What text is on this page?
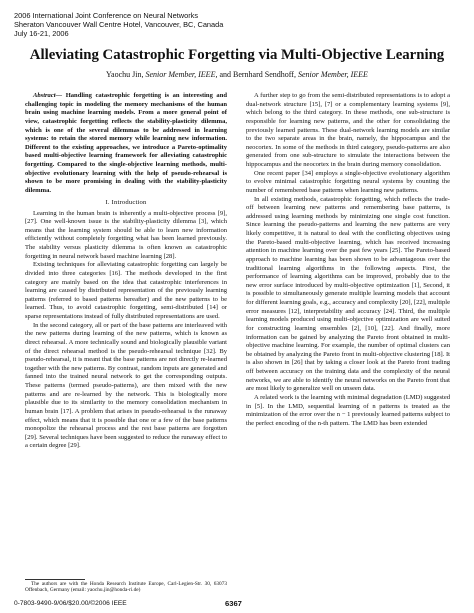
2006 International Joint Conference on Neural Networks
Sheraton Vancouver Wall Centre Hotel, Vancouver, BC, Canada
July 16-21, 2006
Alleviating Catastrophic Forgetting via Multi-Objective Learning
Yaochu Jin, Senior Member, IEEE, and Bernhard Sendhoff, Senior Member, IEEE

Abstract— Handling catastrophic forgetting is an interesting and challenging topic in modeling the memory mechanisms of the human brain using machine learning models. From a more general point of view, catastrophic forgetting reflects the stability-plasticity dilemma, which is one of the several dilemmas to be addressed in learning systems: to retain the stored memory while learning new information. Different to the existing approaches, we introduce a Pareto-optimality based multi-objective learning framework for alleviating catastrophic forgetting. Compared to the single-objective learning methods, multi-objective evolutionary learning with the help of pseudo-rehearsal is shown to be more promising in dealing with the stability-plasticity dilemma.

I. Introduction

Learning in the human brain is inherently a multi-objective process [9], [27]. One well-known issue is the stability-plasticity dilemma [3], which means that the learning system should be able to learn new information efficiently without completely forgetting what has been learned previously. The stability versus plasticity dilemma is often known as catastrophic forgetting in neural network based machine learning [28].

Existing techniques for alleviating catastrophic forgetting can largely be divided into three categories [16]. The methods developed in the first category are mainly based on the idea that catastrophic interferences in learning are caused by distributed representation of the previously learning patterns (referred to based patterns hereafter) and the new patterns to be learned. Thus, to avoid catastrophic forgetting, semi-distributed [14] or sparse representations instead of fully distributed representations are used.

In the second category, all or part of the base patterns are interleaved with the new patterns during learning of the new patterns, which is known as direct rehearsal. A more technically sound and biologically plausible variant of the direct rehearsal method is the pseudo-rehearsal technique [32]. By pseudo-rehearsal, it is meant that the base patterns are not directly re-learned together with the new patterns. By contrast, random inputs are generated and fanned into the trained neural network to get the corresponding outputs. These patterns (termed pseudo-patterns), are then mixed with the new patterns and are re-learned by the network. This is biologically more plausible due to its similarity to the memory consolidation mechanism in human brain [17]. A problem that arises in pseudo-rehearsal is the runaway effect, which means that it is possible that one or a few of the base patterns monopolize the rehearsal process and the rest base patterns are forgotten [29]. Several techniques have been suggested to reduce the runaway effect to a certain degree [29].

A further step to go from the semi-distributed representations is to adopt a dual-network structure [15], [7] or a complementary learning systems [9], which belong to the third category. In these methods, one sub-structure is responsible for learning new patterns, and the other for consolidating the previously learned patterns. These dual-network learning models are similar to the two separate areas in the brain, namely, the hippocampus and the neocortex. In some of the methods in third category, pseudo-patterns are also generated from one sub-structure to simulate the interactions between the hippocampus and the neocortex in the brain during memory consolidation.

One recent paper [34] employs a single-objective evolutionary algorithm to evolve minimal catastrophic forgetting neural systems by counting the number of remembered base patterns when learning new patterns.

In all existing methods, catastrophic forgetting, which reflects the trade-off between learning new patterns and remembering base patterns, is addressed using learning methods by minimizing one single cost function. Since learning the pseudo-patterns and learning the new patterns are very likely competitive, it is natural to deal with the conflicting objectives using the Pareto-based multi-objective learning, which has received increasing attention in machine learning over the past few years [25]. The Pareto-based approach to machine learning has been shown to be advantageous over the traditional learning algorithms in the following aspects. First, the performance of learning algorithms can be improved, probably due to the new error surface introduced by multi-objective optimization [1], Second, it is possible to simultaneously generate multiple learning models that account for different learning goals, e.g., accuracy and complexity [20], [22], multiple error measures [12], interpretability and accuracy [24]. Third, the multiple learning models produced using multi-objective optimization are well suited for constructing learning ensembles [2], [10], [22]. And finally, more information can be gained by analyzing the Pareto front obtained in multi-objective machine learning. For example, the number of optimal clusters can be obtained by analyzing the Pareto front in multi-objective clustering [18]. It is also shown in [26] that by taking a closer look at the Pareto front trading off between accuracy on the training data and the complexity of the neural networks, we are able to identify the neural networks on the Pareto front that are most likely to generalize well on unseen data.

A related work is the learning with minimal degradation (LMD) suggested in [5]. In the LMD, sequential learning of n patterns is treated as the minimization of the error over the n − 1 previously learned patterns subject to the perfect encoding of the n-th pattern. The LMD has been extended

The authors are with the Honda Research Institute Europe, Carl-Legien-Str. 30, 63073 Offenbach, Germany (email: yaochu.jin@honda-ri.de)
0-7803-9490-9/06/$20.00/©2006 IEEE	6367
